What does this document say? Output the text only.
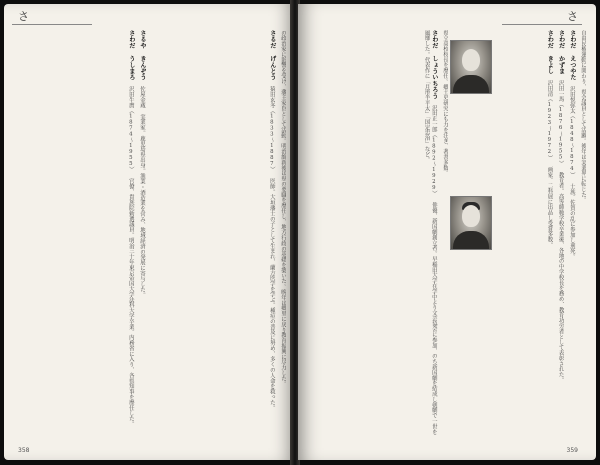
さ
の政治家に影響を受け、藩主家臣として活動。明治維新後は県の要職を歴任し、地方行政の基礎を築いた。晩年は郷里に戻り教育振興に尽力した。
さるだ げんとう 猿田玄冬（1833〜1887） 医師。大垣藩士の子として生まれ、蘭方医学を学ぶ。種痘の普及に努め、多くの人命を救った。
さるや きんぞう 佐屋金蔵 実業家。鹿児島県出身。漁業・酒造業を営み、地域経済の発展に寄与した。
さわだ うしまろ 沢田牛麿（1874〜1955） 官僚、貴族院勅選議員。明治三十年東京帝国大学法科大学卒業。内務省に入り、各県知事を歴任した。
358
さ
自由民権運動に関わり、県会議員として活躍。後年は実業界に転じた。
さわだ えつやた 沢田悦弥太（1848〜1874） 士族。佐賀の乱に参加し刑死。
さわだ かずま 沢田一馬（1876〜1955） 教育者。高等師範学校卒業後、各地の中学校長を務め、教育功労者として表彰された。
さわだ きよし 沢田清（1923〜1972） 画家。二科展に出品し受賞多数。
県立高校校長を歴任。郷土史研究にも力を注ぎ、著書多数。
さわだ しょういちろう 沢田正一郎（1892〜1929） 俳優、新国劇創立者。早稲田大学在学中より文芸協会に参加、のち新国劇を結成し剣劇で一世を風靡した。代表作に「月形半平太」「国定忠治」など。
359
